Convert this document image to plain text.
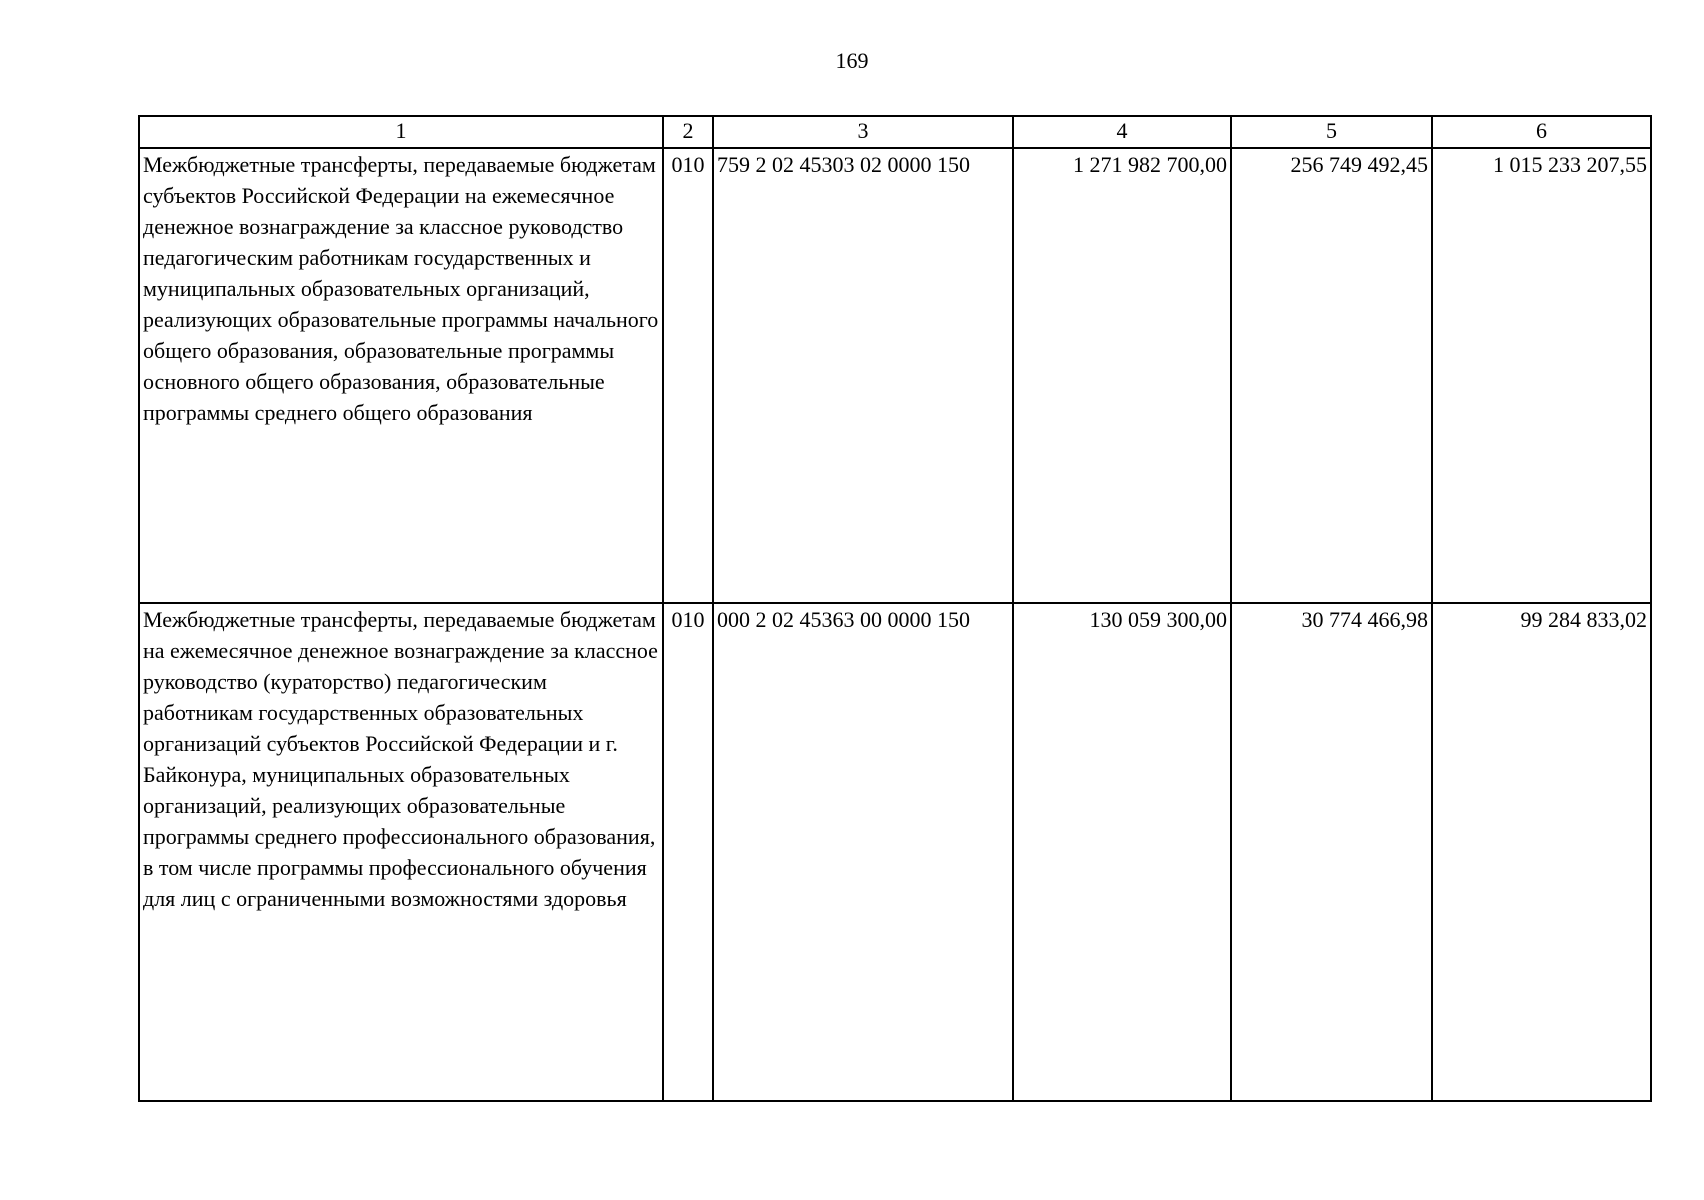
169
1	2	3	4	5	6
Межбюджетные трансферты, передаваемые бюджетам субъектов Российской Федерации на ежемесячное денежное вознаграждение за классное руководство педагогическим работникам государственных и муниципальных образовательных организаций, реализующих образовательные программы начального общего образования, образовательные программы основного общего образования, образовательные программы среднего общего образования	010	759 2 02 45303 02 0000 150	1 271 982 700,00	256 749 492,45	1 015 233 207,55
Межбюджетные трансферты, передаваемые бюджетам на ежемесячное денежное вознаграждение за классное руководство (кураторство) педагогическим работникам государственных образовательных организаций субъектов Российской Федерации и г. Байконура, муниципальных образовательных организаций, реализующих образовательные программы среднего профессионального образования, в том числе программы профессионального обучения для лиц с ограниченными возможностями здоровья	010	000 2 02 45363 00 0000 150	130 059 300,00	30 774 466,98	99 284 833,02
